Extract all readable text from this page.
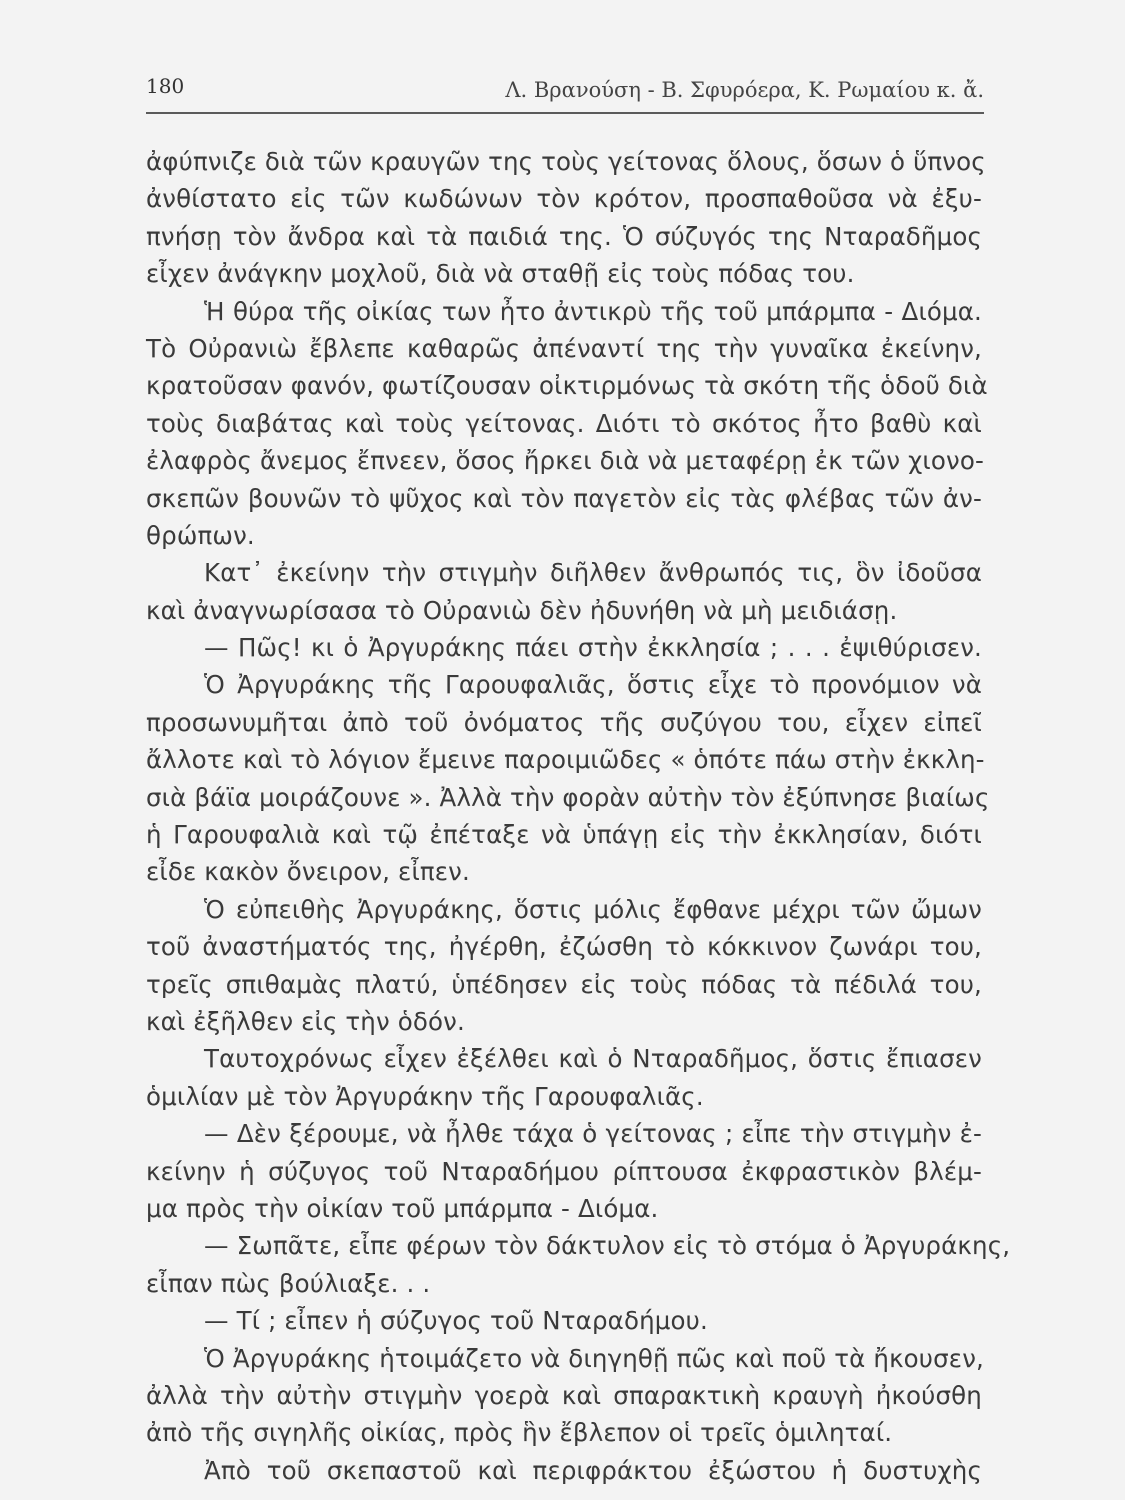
180	Λ. Βρανούση - Β. Σφυρόερα, Κ. Ρωμαίου κ. ἄ.
ἀφύπνιζε διὰ τῶν κραυγῶν της τοὺς γείτονας ὅλους, ὅσων ὁ ὕπνος
ἀνθίστατο εἰς τῶν κωδώνων τὸν κρότον, προσπαθοῦσα νὰ ἐξυ-
πνήσῃ τὸν ἄνδρα καὶ τὰ παιδιά της. Ὁ σύζυγός της Νταραδῆμος
εἶχεν ἀνάγκην μοχλοῦ, διὰ νὰ σταθῇ εἰς τοὺς πόδας του.
Ἡ θύρα τῆς οἰκίας των ἦτο ἀντικρὺ τῆς τοῦ μπάρμπα - Διόμα.
Τὸ Οὐρανιὼ ἔβλεπε καθαρῶς ἀπέναντί της τὴν γυναῖκα ἐκείνην,
κρατοῦσαν φανόν, φωτίζουσαν οἰκτιρμόνως τὰ σκότη τῆς ὁδοῦ διὰ
τοὺς διαβάτας καὶ τοὺς γείτονας. Διότι τὸ σκότος ἦτο βαθὺ καὶ
ἐλαφρὸς ἄνεμος ἔπνεεν, ὅσος ἤρκει διὰ νὰ μεταφέρῃ ἐκ τῶν χιονο-
σκεπῶν βουνῶν τὸ ψῦχος καὶ τὸν παγετὸν εἰς τὰς φλέβας τῶν ἀν-
θρώπων.
Κατ᾽ ἐκείνην τὴν στιγμὴν διῆλθεν ἄνθρωπός τις, ὃν ἰδοῦσα
καὶ ἀναγνωρίσασα τὸ Οὐρανιὼ δὲν ἠδυνήθη νὰ μὴ μειδιάσῃ.
— Πῶς! κι ὁ Ἀργυράκης πάει στὴν ἐκκλησία ; . . . ἐψιθύρισεν.
Ὁ Ἀργυράκης τῆς Γαρουφαλιᾶς, ὅστις εἶχε τὸ προνόμιον νὰ
προσωνυμῆται ἀπὸ τοῦ ὀνόματος τῆς συζύγου του, εἶχεν εἰπεῖ
ἄλλοτε καὶ τὸ λόγιον ἔμεινε παροιμιῶδες « ὁπότε πάω στὴν ἐκκλη-
σιὰ βάϊα μοιράζουνε ». Ἀλλὰ τὴν φορὰν αὐτὴν τὸν ἐξύπνησε βιαίως
ἡ Γαρουφαλιὰ καὶ τῷ ἐπέταξε νὰ ὑπάγῃ εἰς τὴν ἐκκλησίαν, διότι
εἶδε κακὸν ὄνειρον, εἶπεν.
Ὁ εὐπειθὴς Ἀργυράκης, ὅστις μόλις ἔφθανε μέχρι τῶν ὤμων
τοῦ ἀναστήματός της, ἠγέρθη, ἐζώσθη τὸ κόκκινον ζωνάρι του,
τρεῖς σπιθαμὰς πλατύ, ὑπέδησεν εἰς τοὺς πόδας τὰ πέδιλά του,
καὶ ἐξῆλθεν εἰς τὴν ὁδόν.
Ταυτοχρόνως εἶχεν ἐξέλθει καὶ ὁ Νταραδῆμος, ὅστις ἔπιασεν
ὁμιλίαν μὲ τὸν Ἀργυράκην τῆς Γαρουφαλιᾶς.
— Δὲν ξέρουμε, νὰ ἦλθε τάχα ὁ γείτονας ; εἶπε τὴν στιγμὴν ἐ-
κείνην ἡ σύζυγος τοῦ Νταραδήμου ρίπτουσα ἐκφραστικὸν βλέμ-
μα πρὸς τὴν οἰκίαν τοῦ μπάρμπα - Διόμα.
— Σωπᾶτε, εἶπε φέρων τὸν δάκτυλον εἰς τὸ στόμα ὁ Ἀργυράκης,
εἶπαν πὼς βούλιαξε. . .
— Τί ; εἶπεν ἡ σύζυγος τοῦ Νταραδήμου.
Ὁ Ἀργυράκης ἡτοιμάζετο νὰ διηγηθῇ πῶς καὶ ποῦ τὰ ἤκουσεν,
ἀλλὰ τὴν αὐτὴν στιγμὴν γοερὰ καὶ σπαρακτικὴ κραυγὴ ἠκούσθη
ἀπὸ τῆς σιγηλῆς οἰκίας, πρὸς ἣν ἔβλεπον οἱ τρεῖς ὁμιληταί.
Ἀπὸ τοῦ σκεπαστοῦ καὶ περιφράκτου ἐξώστου ἡ δυστυχὴς
